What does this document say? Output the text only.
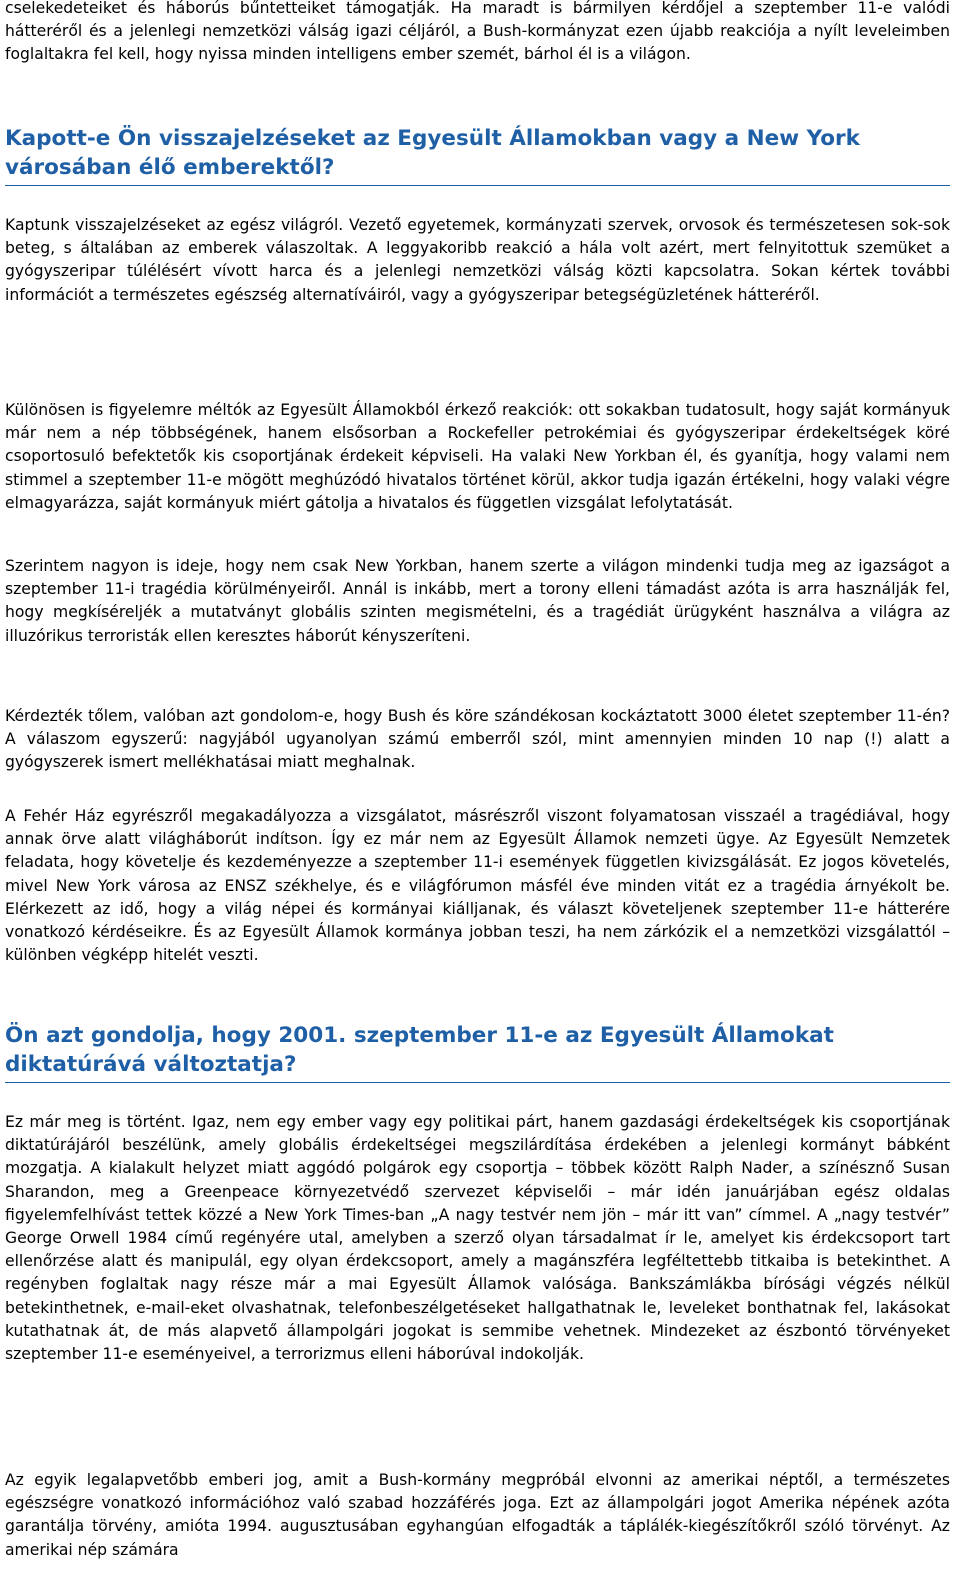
cselekedeteiket és háborús bűntetteiket támogatják. Ha maradt is bármilyen kérdőjel a szeptember 11-e valódi hátteréről és a jelenlegi nemzetközi válság igazi céljáról, a Bush-kormányzat ezen újabb reakciója a nyílt leveleimben foglaltakra fel kell, hogy nyissa minden intelligens ember szemét, bárhol él is a világon.

Kapott-e Ön visszajelzéseket az Egyesült Államokban vagy a New York városában élő emberektől?

Kaptunk visszajelzéseket az egész világról. Vezető egyetemek, kormányzati szervek, orvosok és természetesen sok-sok beteg, s általában az emberek válaszoltak. A leggyakoribb reakció a hála volt azért, mert felnyitottuk szemüket a gyógyszeripar túlélésért vívott harca és a jelenlegi nemzetközi válság közti kapcsolatra. Sokan kértek további információt a természetes egészség alternatíváiról, vagy a gyógyszeripar betegségüzletének hátteréről.

Különösen is figyelemre méltók az Egyesült Államokból érkező reakciók: ott sokakban tudatosult, hogy saját kormányuk már nem a nép többségének, hanem elsősorban a Rockefeller petrokémiai és gyógyszeripar érdekeltségek köré csoportosuló befektetők kis csoportjának érdekeit képviseli. Ha valaki New Yorkban él, és gyanítja, hogy valami nem stimmel a szeptember 11-e mögött meghúzódó hivatalos történet körül, akkor tudja igazán értékelni, hogy valaki végre elmagyarázza, saját kormányuk miért gátolja a hivatalos és független vizsgálat lefolytatását.

Szerintem nagyon is ideje, hogy nem csak New Yorkban, hanem szerte a világon mindenki tudja meg az igazságot a szeptember 11-i tragédia körülményeiről. Annál is inkább, mert a torony elleni támadást azóta is arra használják fel, hogy megkíséreljék a mutatványt globális szinten megismételni, és a tragédiát ürügyként használva a világra az illuzórikus terroristák ellen keresztes háborút kényszeríteni.

Kérdezték tőlem, valóban azt gondolom-e, hogy Bush és köre szándékosan kockáztatott 3000 életet szeptember 11-én? A válaszom egyszerű: nagyjából ugyanolyan számú emberről szól, mint amennyien minden 10 nap (!) alatt a gyógyszerek ismert mellékhatásai miatt meghalnak.

A Fehér Ház egyrészről megakadályozza a vizsgálatot, másrészről viszont folyamatosan visszaél a tragédiával, hogy annak örve alatt világháborút indítson. Így ez már nem az Egyesült Államok nemzeti ügye. Az Egyesült Nemzetek feladata, hogy követelje és kezdeményezze a szeptember 11-i események független kivizsgálását. Ez jogos követelés, mivel New York városa az ENSZ székhelye, és e világfórumon másfél éve minden vitát ez a tragédia árnyékolt be. Elérkezett az idő, hogy a világ népei és kormányai kiálljanak, és választ követeljenek szeptember 11-e hátterére vonatkozó kérdéseikre. És az Egyesült Államok kormánya jobban teszi, ha nem zárkózik el a nemzetközi vizsgálattól – különben végképp hitelét veszti.

Ön azt gondolja, hogy 2001. szeptember 11-e az Egyesült Államokat diktatúrává változtatja?

Ez már meg is történt. Igaz, nem egy ember vagy egy politikai párt, hanem gazdasági érdekeltségek kis csoportjának diktatúrájáról beszélünk, amely globális érdekeltségei megszilárdítása érdekében a jelenlegi kormányt bábként mozgatja. A kialakult helyzet miatt aggódó polgárok egy csoportja – többek között Ralph Nader, a színésznő Susan Sharandon, meg a Greenpeace környezetvédő szervezet képviselői – már idén januárjában egész oldalas figyelemfelhívást tettek közzé a New York Times-ban „A nagy testvér nem jön – már itt van” címmel. A „nagy testvér” George Orwell 1984 című regényére utal, amelyben a szerző olyan társadalmat ír le, amelyet kis érdekcsoport tart ellenőrzése alatt és manipulál, egy olyan érdekcsoport, amely a magánszféra legféltettebb titkaiba is betekinthet. A regényben foglaltak nagy része már a mai Egyesült Államok valósága. Bankszámlákba bírósági végzés nélkül betekinthetnek, e-mail-eket olvashatnak, telefonbeszélgetéseket hallgathatnak le, leveleket bonthatnak fel, lakásokat kutathatnak át, de más alapvető állampolgári jogokat is semmibe vehetnek. Mindezeket az észbontó törvényeket szeptember 11-e eseményeivel, a terrorizmus elleni háborúval indokolják.

Az egyik legalapvetőbb emberi jog, amit a Bush-kormány megpróbál elvonni az amerikai néptől, a természetes egészségre vonatkozó információhoz való szabad hozzáférés joga. Ezt az állampolgári jogot Amerika népének azóta garantálja törvény, amióta 1994. augusztusában egyhangúan elfogadták a táplálék-kiegészítőkről szóló törvényt. Az amerikai nép számára
